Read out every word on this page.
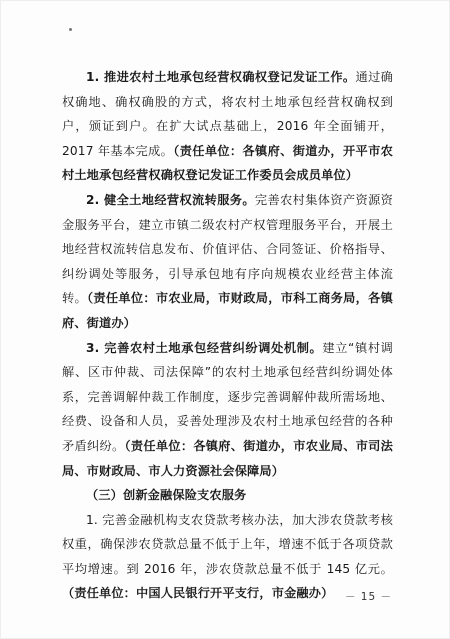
1. 推进农村土地承包经营权确权登记发证工作。通过确权确地、确权确股的方式，将农村土地承包经营权确权到户，颁证到户。在扩大试点基础上，2016 年全面铺开，2017 年基本完成。（责任单位：各镇府、街道办，开平市农村土地承包经营权确权登记发证工作委员会成员单位）

2. 健全土地经营权流转服务。完善农村集体资产资源资金服务平台，建立市镇二级农村产权管理服务平台，开展土地经营权流转信息发布、价值评估、合同签证、价格指导、纠纷调处等服务，引导承包地有序向规模农业经营主体流转。（责任单位：市农业局，市财政局，市科工商务局，各镇府、街道办）

3. 完善农村土地承包经营纠纷调处机制。建立“镇村调解、区市仲裁、司法保障”的农村土地承包经营纠纷调处体系，完善调解仲裁工作制度，逐步完善调解仲裁所需场地、经费、设备和人员，妥善处理涉及农村土地承包经营的各种矛盾纠纷。（责任单位：各镇府、街道办，市农业局、市司法局、市财政局、市人力资源社会保障局）

（三）创新金融保险支农服务

1. 完善金融机构支农贷款考核办法，加大涉农贷款考核权重，确保涉农贷款总量不低于上年，增速不低于各项贷款平均增速。到 2016 年，涉农贷款总量不低于 145 亿元。（责任单位：中国人民银行开平支行，市金融办）	－ 15 －
